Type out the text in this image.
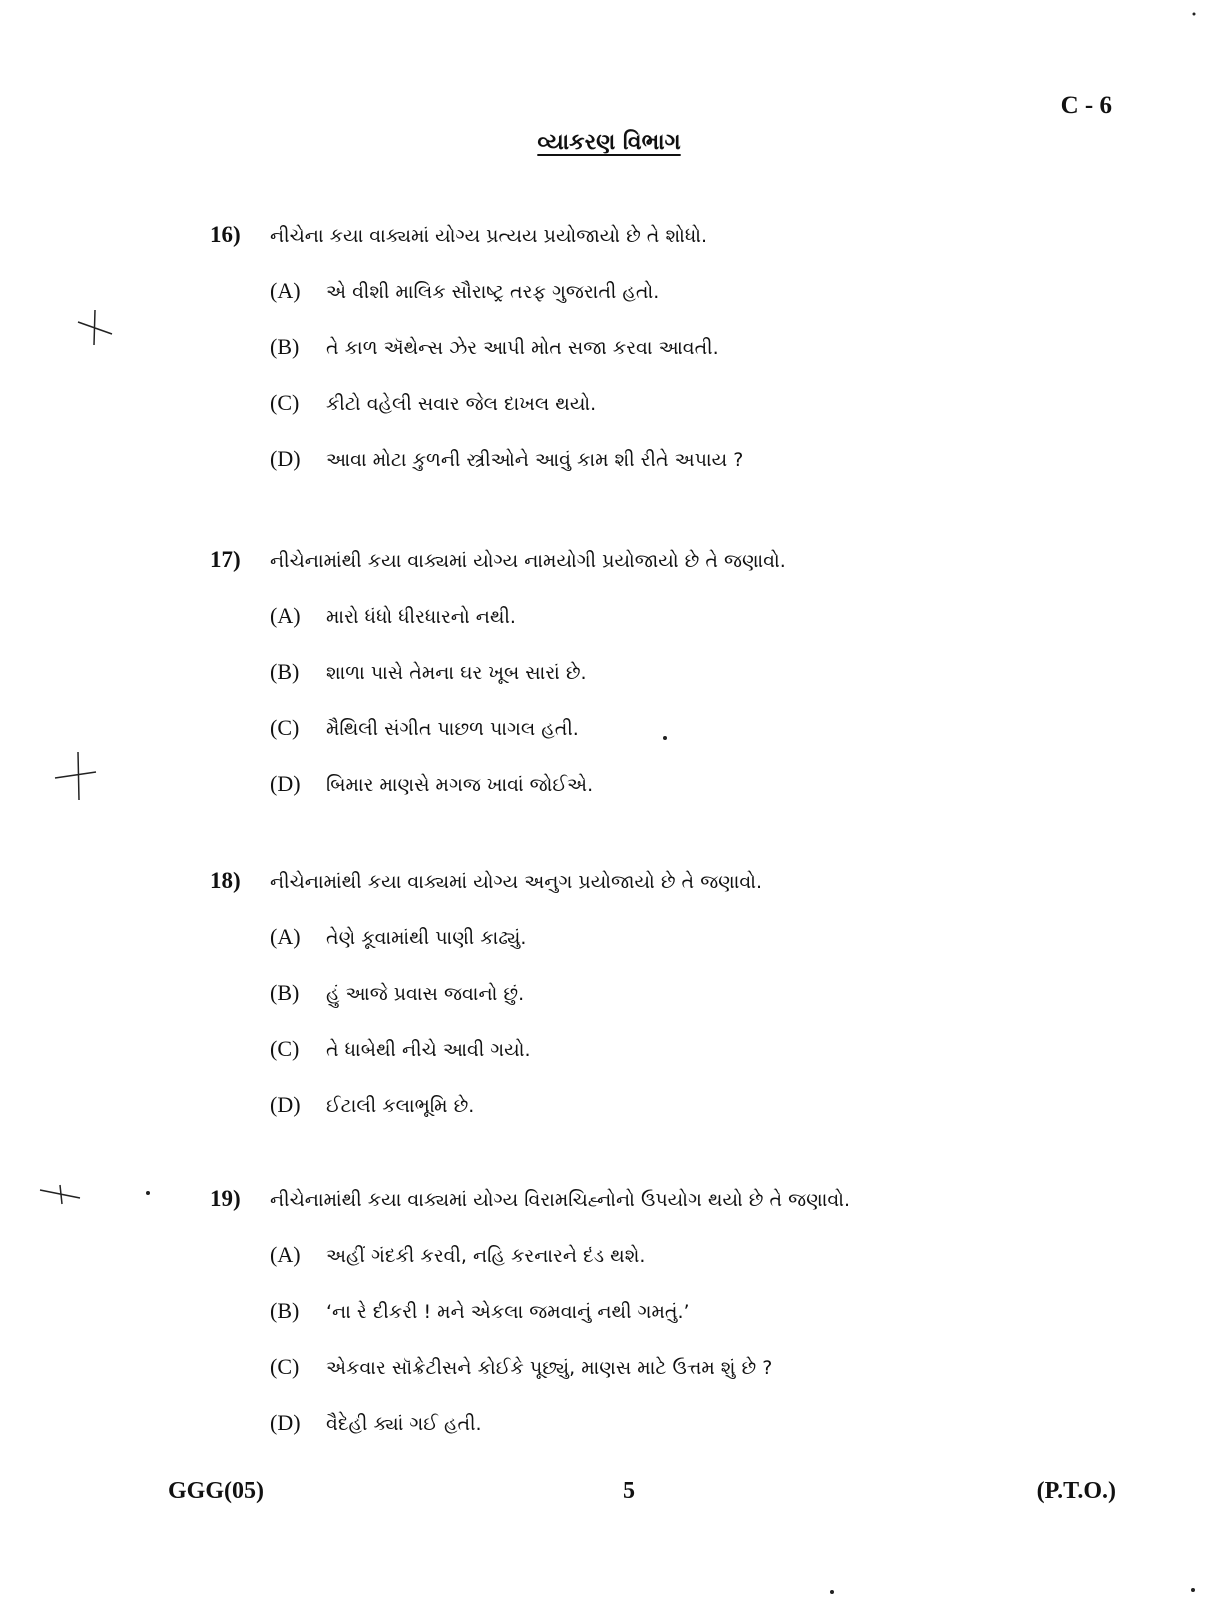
C - 6
વ્યાકરણ વિભાગ
16)	નીચેના કયા વાક્યમાં યોગ્ય પ્રત્યય પ્રયોજાયો છે તે શોધો.
(A)	એ વીશી માલિક સૌરાષ્ટ્ર તરફ ગુજરાતી હતો.
(B)	તે કાળ ઍથેન્સ ઝેર આપી મોત સજા કરવા આવતી.
(C)	કીટો વહેલી સવાર જેલ દાખલ થયો.
(D)	આવા મોટા કુળની સ્ત્રીઓને આવું કામ શી રીતે અપાય ?
17)	નીચેનામાંથી કયા વાક્યમાં યોગ્ય નામયોગી પ્રયોજાયો છે તે જણાવો.
(A)	મારો ધંધો ધીરધારનો નથી.
(B)	શાળા પાસે તેમના ઘર ખૂબ સારાં છે.
(C)	મૈથિલી સંગીત પાછળ પાગલ હતી.
(D)	બિમાર માણસે મગજ ખાવાં જોઈએ.
18)	નીચેનામાંથી કયા વાક્યમાં યોગ્ય અનુગ પ્રયોજાયો છે તે જણાવો.
(A)	તેણે કૂવામાંથી પાણી કાઢ્યું.
(B)	હું આજે પ્રવાસ જવાનો છું.
(C)	તે ધાબેથી નીચે આવી ગયો.
(D)	ઈટાલી કલાભૂમિ છે.
19)	નીચેનામાંથી કયા વાક્યમાં યોગ્ય વિરામચિહ્નોનો ઉપયોગ થયો છે તે જણાવો.
(A)	અહીં ગંદકી કરવી, નહિ કરનારને દંડ થશે.
(B)	‘ના રે દીકરી ! મને એકલા જમવાનું નથી ગમતું.’
(C)	એકવાર સૉક્રેટીસને કોઈકે પૂછ્યું, માણસ માટે ઉત્તમ શું છે ?
(D)	વૈદેહી ક્યાં ગઈ હતી.
GGG(05)	5	(P.T.O.)
